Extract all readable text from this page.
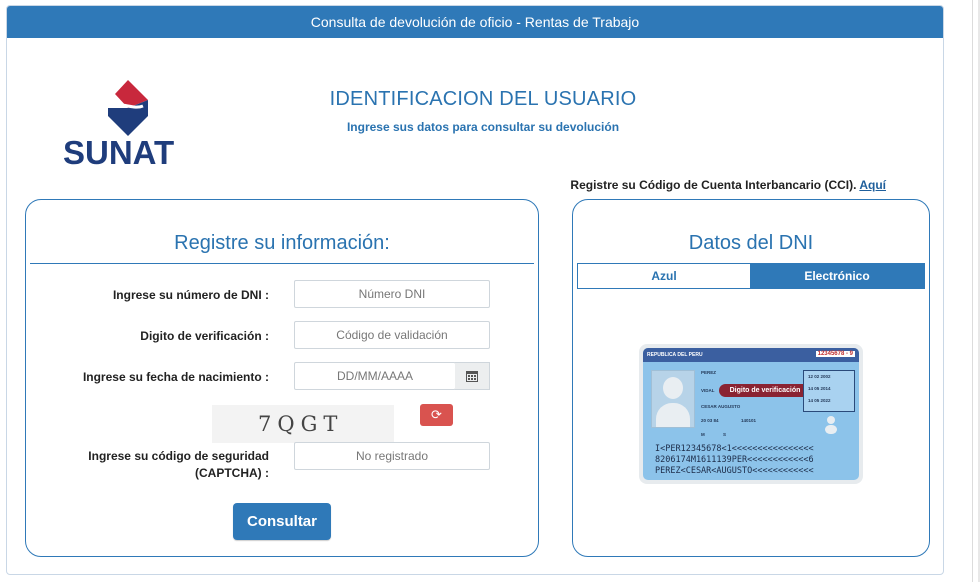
Consulta de devolución de oficio - Rentas de Trabajo
SUNAT
IDENTIFICACION DEL USUARIO
Ingrese sus datos para consultar su devolución
Registre su Código de Cuenta Interbancario (CCI). Aquí
Registre su información:
Ingrese su número de DNI :	Número DNI
Digito de verificación :	Código de validación
Ingrese su fecha de nacimiento :	DD/MM/AAAA
7QGT	⟳
Ingrese su código de seguridad
(CAPTCHA) :
No registrado
Consultar
Datos del DNI
Azul	Electrónico
REPUBLICA DEL PERU	12345678 - 9
PEREZ
VIDAL	Digito de verificación
CESAR AUGUSTO
20 03 84	140101
M	S
12 02 2002
14 05 2014
14 05 2022
I<PER12345678<1<<<<<<<<<<<<<<<<
8206174M1611139PER<<<<<<<<<<<<6
PEREZ<CESAR<AUGUSTO<<<<<<<<<<<<
